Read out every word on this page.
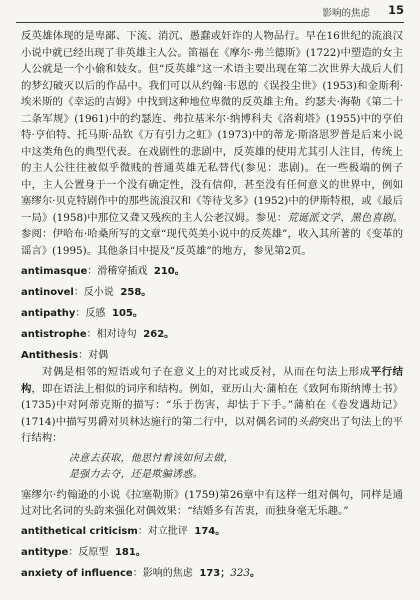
影响的焦虑 15

反英雄体现的是卑鄙、下流、消沉、愚蠢或奸诈的人物品行。早在16世纪的流浪汉小说中就已经出现了非英雄主人公。笛福在《摩尔·弗兰德斯》(1722)中塑造的女主人公就是一个小偷和妓女。但“反英雄”这一术语主要出现在第二次世界大战后人们的梦幻破灭以后的作品中。我们可以从约翰·韦恩的《误投尘世》(1953)和金斯利·埃米斯的《幸运的吉姆》中找到这种地位卑微的反英雄主角。约瑟夫·海勒《第二十二条军规》(1961)中的约瑟连、弗拉基米尔·纳博科夫《洛莉塔》(1955)中的亨伯特·亨伯特、托马斯·品钦《万有引力之虹》(1973)中的蒂龙·斯洛思罗普是后来小说中这类角色的典型代表。在戏剧性的悲剧中，反英雄的使用尤其引人注目，传统上的主人公往往被似乎微贱的普通英雄无私替代(参见：悲剧)。在一些极端的例子中，主人公置身于一个没有确定性，没有信仰，甚至没有任何意义的世界中，例如塞缪尔·贝克特剧作中的那些流浪汉和《等待戈多》(1952)中的伊斯特根，或《最后一局》(1958)中那位又聋又残疾的主人公老汉姆。参见：荒诞派文学、黑色喜剧。参阅：伊哈布·哈桑所写的文章“现代英美小说中的反英雄”，收入其所著的《变革的谣言》(1995)。其他条目中提及“反英雄”的地方，参见第2页。

antimasque：滑稽穿插戏 210。

antinovel：反小说 258。

antipathy：反感 105。

antistrophe：相对诗句 262。

Antithesis：对偶

对偶是相邻的短语或句子在意义上的对比或反衬，从而在句法上形成平行结构，即在语法上相似的词序和结构。例如，亚历山大·蒲柏在《致阿布斯纳博士书》(1735)中对阿蒂克斯的描写：“乐于伤害，却怯于下手。”蒲柏在《卷发遇劫记》(1714)中描写男爵对贝林达施行的第二行中，以对偶名词的头韵突出了句法上的平行结构：

决意去获取，他思忖着该如何去做，
是强力去夺，还是欺骗诱惑。

塞缪尔·约翰逊的小说《拉塞勒斯》(1759)第26章中有这样一组对偶句，同样是通过对比名词的头韵来强化对偶效果：“结婚多有苦衷，而独身毫无乐趣。”

antithetical criticism：对立批评 174。

antitype：反原型 181。

anxiety of influence：影响的焦虑 173；323。
